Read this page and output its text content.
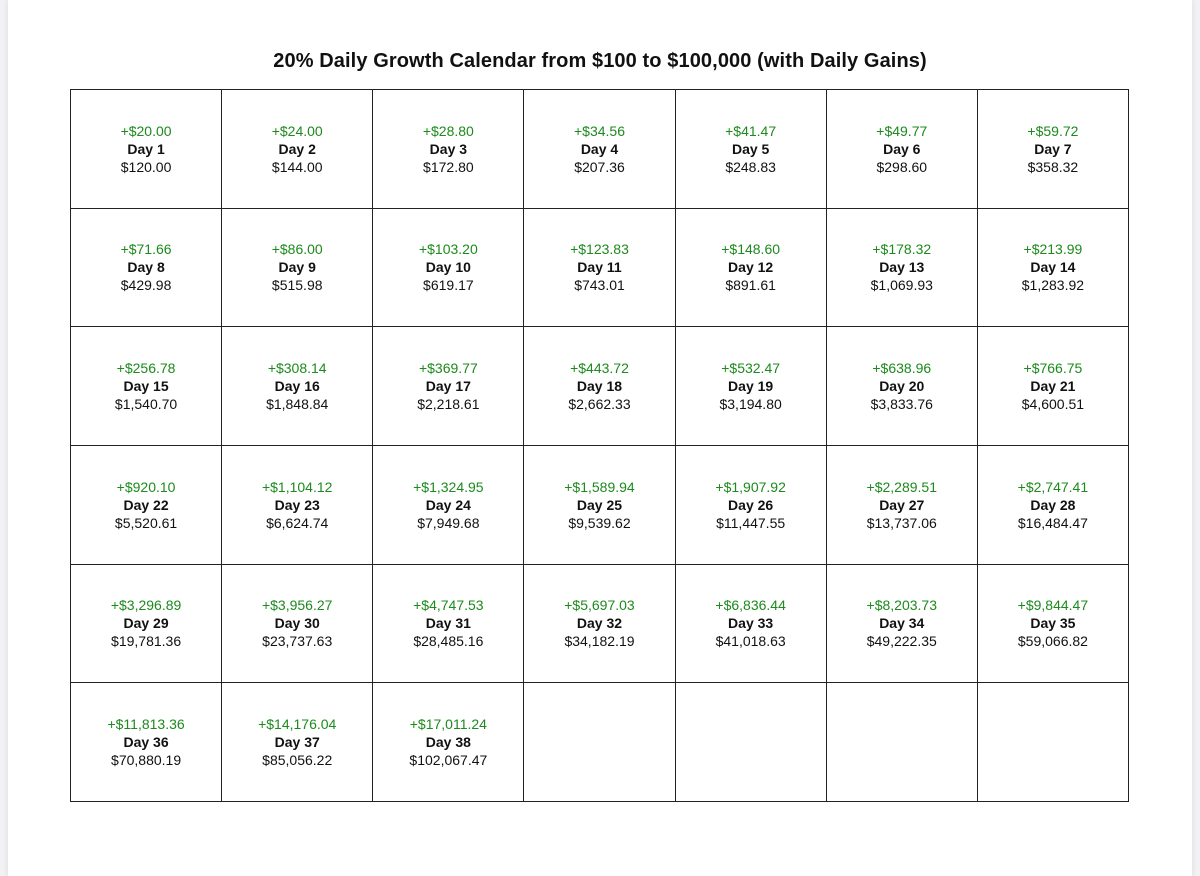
20% Daily Growth Calendar from $100 to $100,000 (with Daily Gains)
+$20.00
Day 1
$120.00
+$24.00
Day 2
$144.00
+$28.80
Day 3
$172.80
+$34.56
Day 4
$207.36
+$41.47
Day 5
$248.83
+$49.77
Day 6
$298.60
+$59.72
Day 7
$358.32
+$71.66
Day 8
$429.98
+$86.00
Day 9
$515.98
+$103.20
Day 10
$619.17
+$123.83
Day 11
$743.01
+$148.60
Day 12
$891.61
+$178.32
Day 13
$1,069.93
+$213.99
Day 14
$1,283.92
+$256.78
Day 15
$1,540.70
+$308.14
Day 16
$1,848.84
+$369.77
Day 17
$2,218.61
+$443.72
Day 18
$2,662.33
+$532.47
Day 19
$3,194.80
+$638.96
Day 20
$3,833.76
+$766.75
Day 21
$4,600.51
+$920.10
Day 22
$5,520.61
+$1,104.12
Day 23
$6,624.74
+$1,324.95
Day 24
$7,949.68
+$1,589.94
Day 25
$9,539.62
+$1,907.92
Day 26
$11,447.55
+$2,289.51
Day 27
$13,737.06
+$2,747.41
Day 28
$16,484.47
+$3,296.89
Day 29
$19,781.36
+$3,956.27
Day 30
$23,737.63
+$4,747.53
Day 31
$28,485.16
+$5,697.03
Day 32
$34,182.19
+$6,836.44
Day 33
$41,018.63
+$8,203.73
Day 34
$49,222.35
+$9,844.47
Day 35
$59,066.82
+$11,813.36
Day 36
$70,880.19
+$14,176.04
Day 37
$85,056.22
+$17,011.24
Day 38
$102,067.47
